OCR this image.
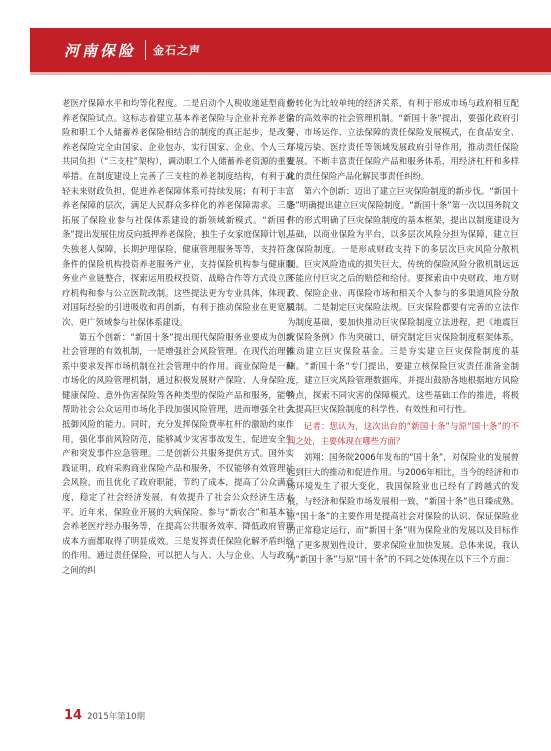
河南保险 金石之声

老医疗保障水平和均等化程度。二是启动个人税收递延型商业养老保险试点。这标志着建立基本养老保险与企业补充养老保险和职工个人储蓄养老保险相结合的制度的真正起步，是改变养老保险完全由国家、企业包办，实行国家、企业、个人三方共同负担（“三支柱”架构），调动职工个人储蓄养老资源的重要举措。在制度建设上完善了三支柱的养老制度结构，有利于减轻未来财政负担，促进养老保障体系可持续发展；有利于丰富养老保障的层次，满足人民群众多样化的养老保障需求。三是拓展了保险业参与社保体系建设的新领域新模式。“新国十条”提出发展住房反向抵押养老保险，独生子女家庭保障计划，失独老人保障，长期护理保险，健康管理服务等等，支持符合条件的保险机构投资养老服务产业，支持保险机构参与健康服务业产业链整合，探索运用股权投资、战略合作等方式设立医疗机构和参与公立医院改制。这些提法更为专业具体，体现了对国际经验的引进吸收和再创新，有利于推动保险业在更宽层次、更广领域参与社保体系建设。

第五个创新：“新国十条”提出现代保险服务业要成为创新社会管理的有效机制，一是增强社会风险管理。在现代治理体系中要求发挥市场机制在社会管理中的作用。商业保险是一种市场化的风险管理机制，通过积极发展财产保险、人身保险、健康保险、意外伤害保险等各种类型的保险产品和服务，能够帮助社会公众运用市场化手段加强风险管理，进而增强全社会抵御风险的能力。同时，充分发挥保险费率杠杆的激励约束作用，强化事前风险防范，能够减少灾害事故发生，促进安全生产和突发事件应急管理。二是创新公共服务提供方式。国外实践证明，政府采购商业保险产品和服务，不仅能够有效管理社会风险，而且优化了政府职能，节约了成本，提高了公众满意度，稳定了社会经济发展，有效提升了社会公众经济生活水平。近年来，保险业开展的大病保险、参与“新农合”和基本社会养老医疗经办服务等，在提高公共服务效率、降低政府管理成本方面都取得了明显成效。三是发挥责任保险化解矛盾纠纷的作用。通过责任保险，可以把人与人、人与企业、人与政府之间的纠

纷转化为比较单纯的经济关系，有利于形成市场与政府相互配合的高效率的社会管理机制。“新国十条”提出，要强化政府引导、市场运作、立法保障的责任保险发展模式，在食品安全、环境污染、医疗责任等领域发展政府引导作用，推动责任保险发展。不断丰富责任保险产品和服务体系，用经济杠杆和多样化的责任保险产品化解民事责任纠纷。

第六个创新：迈出了建立巨灾保险制度的新步伐。“新国十条”明确提出建立巨灾保险制度。“新国十条”第一次以国务院文件的形式明确了巨灾保险制度的基本框架，提出以制度建设为基础，以商业保险为平台，以多层次风险分担为保障，建立巨灾保险制度。一是形成财政支持下的多层次巨灾风险分散机制。巨灾风险造成的损失巨大，传统的保险风险分散机制远远不能应付巨灾之后的赔偿和给付。要探索由中央财政、地方财政、保险企业、再保险市场和相关个人参与的多渠道风险分散机制。二是制定巨灾保险法规。巨灾保险都要有完善的立法作为制度基础，要加快推动巨灾保险制度立法进程，把《地震巨灾保险条例》作为突破口，研究制定巨灾保险制度框架体系，推动建立巨灾保险基金。三是夯实建立巨灾保险制度的基础。“新国十条”专门提出，要建立核保险巨灾责任准备金制度，建立巨灾风险管理数据库，并提出鼓励各地根据地方风险特点，探索不同灾害的保障模式。这些基础工作的推进，将极大提高巨灾保险制度的科学性、有效性和可行性。

记者：您认为，这次出台的“新国十条”与原“国十条”的不同之处，主要体现在哪些方面？

刘翔：国务院2006年发布的“国十条”，对保险业的发展曾起到巨大的推动和促进作用。与2006年相比，当今的经济和市场环境发生了很大变化，我国保险业也已经有了跨越式的发展，与经济和保险市场发展相一致，“新国十条”也日臻成熟。原“国十条”的主要作用是提高社会对保险的认识、保证保险业的正常稳定运行，而“新国十条”则为保险业的发展以及目标作出了更多规划性设计，要求保险业加快发展。总体来说，我认为“新国十条”与原“国十条”的不同之处体现在以下三个方面：

14 2015年第10期
